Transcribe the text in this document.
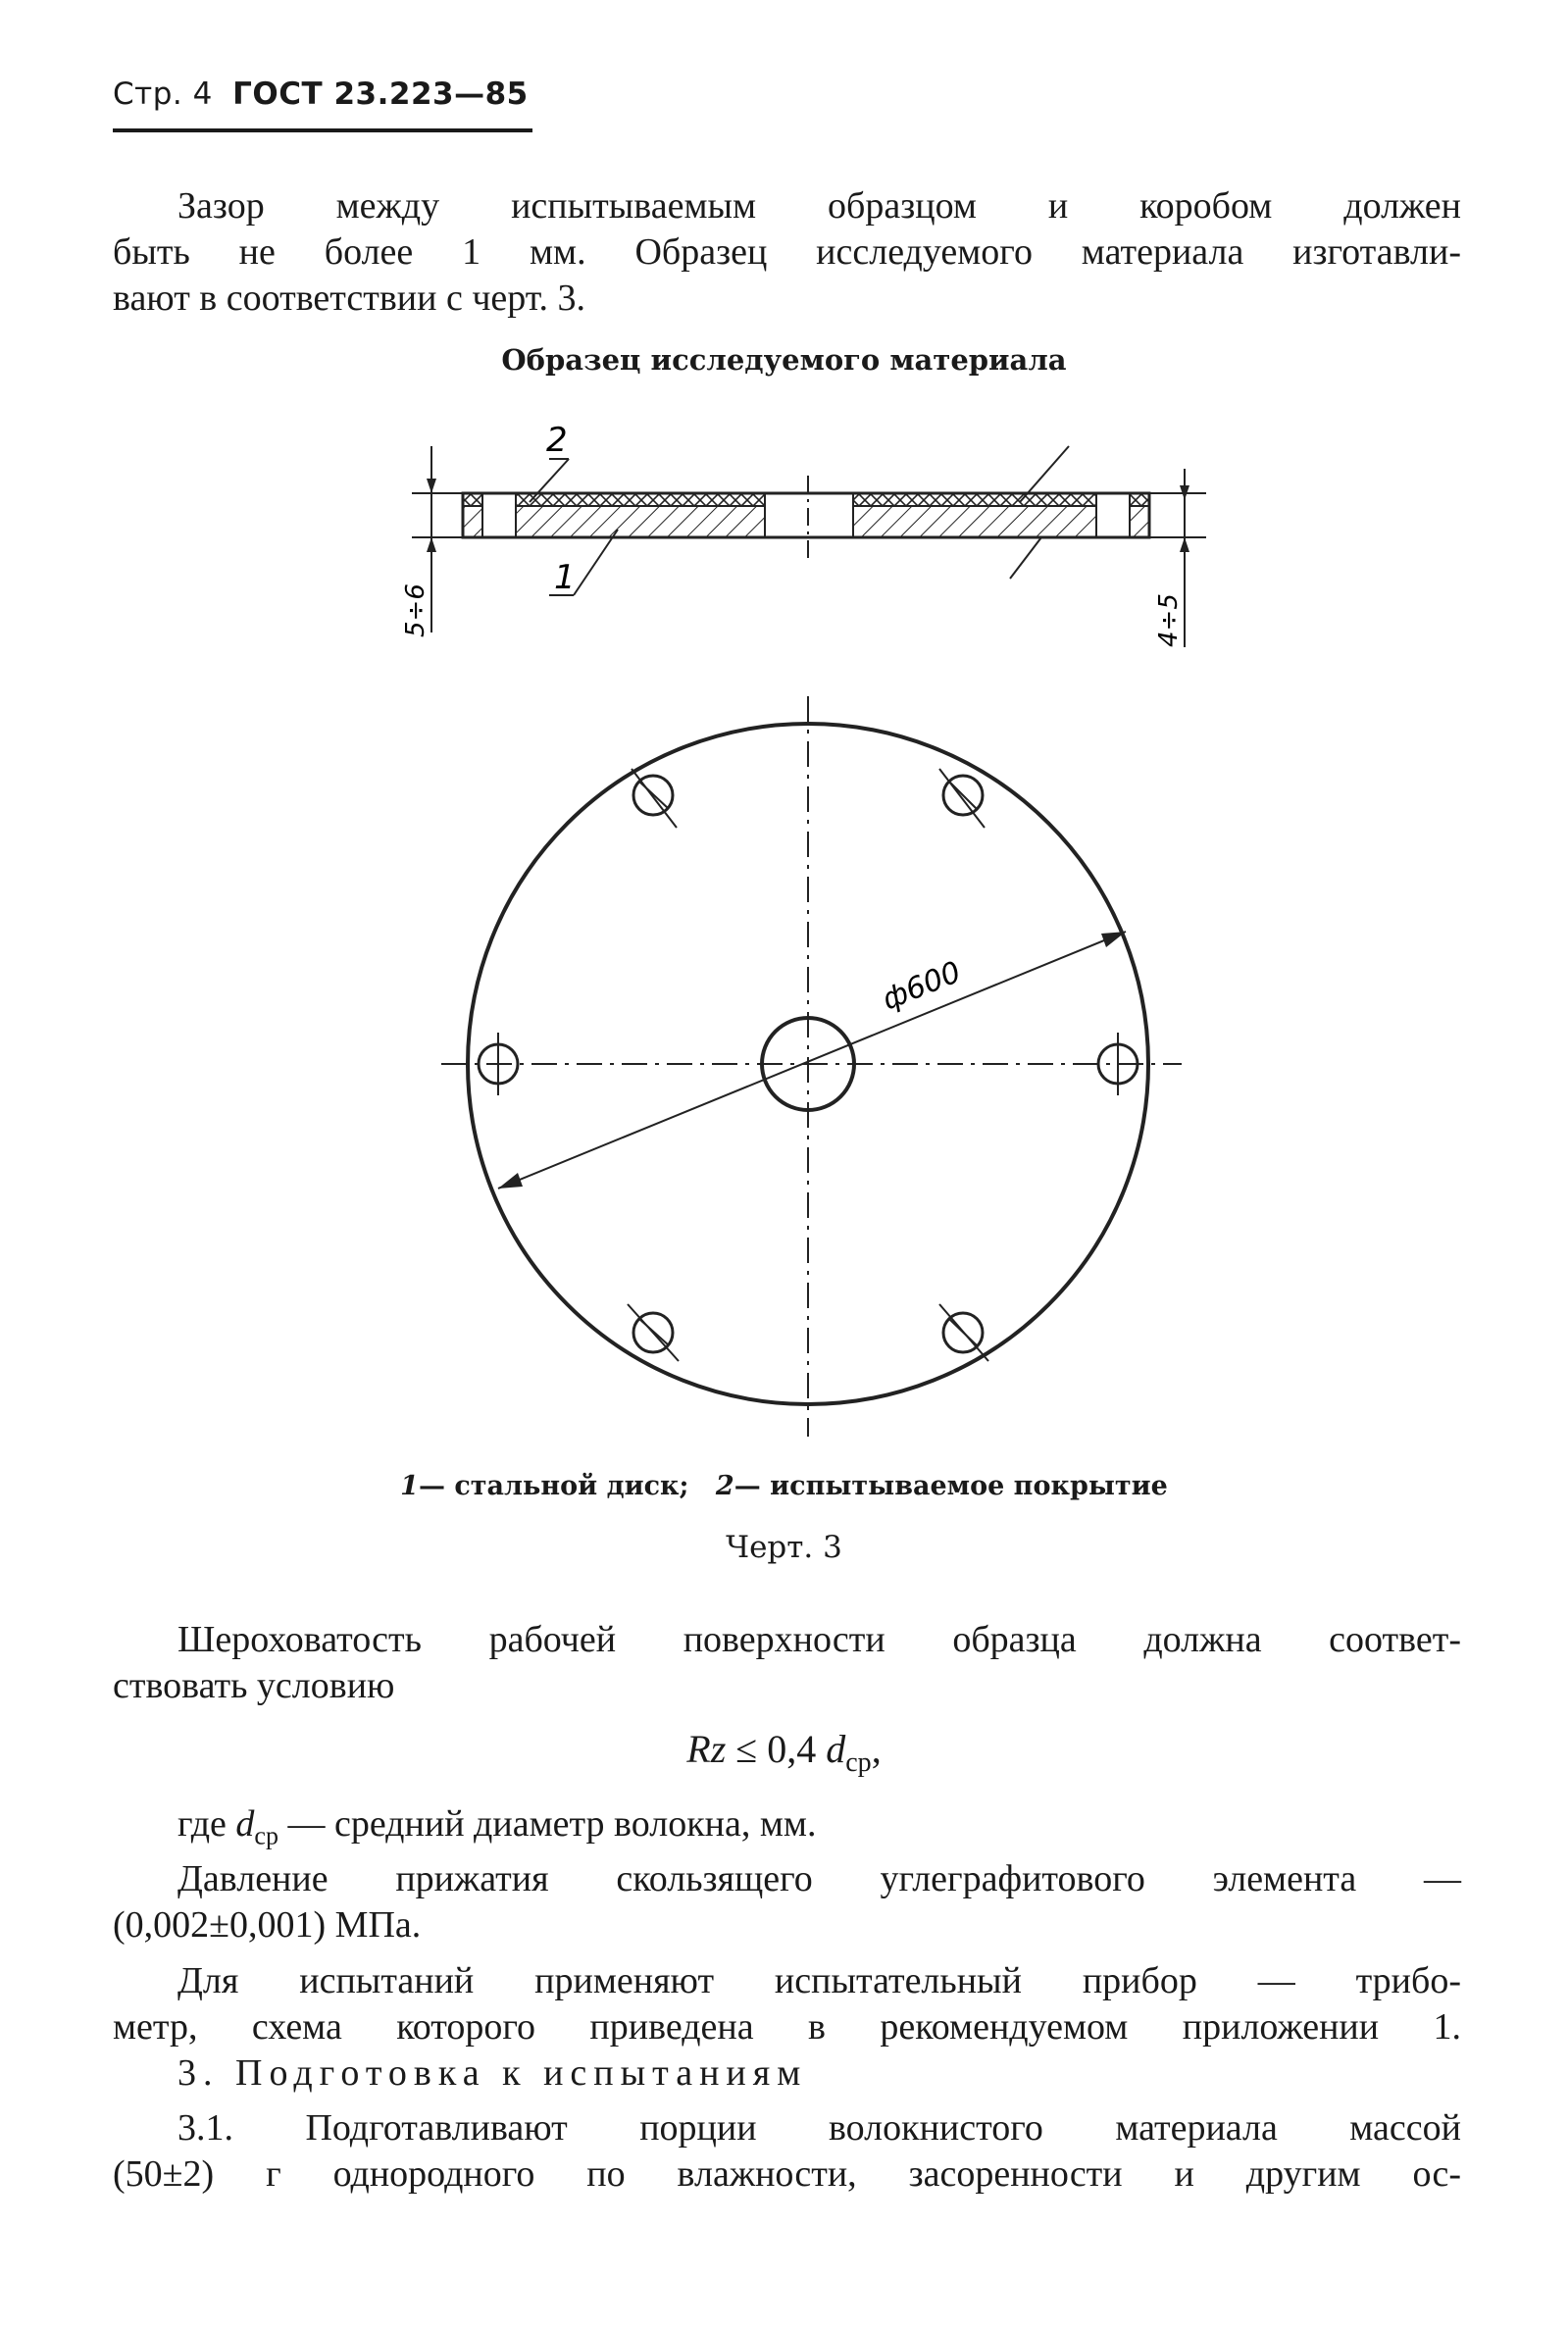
Стр. 4 ГОСТ 23.223—85
Зазор между испытываемым образцом и коробом должен
быть не более 1 мм. Образец исследуемого материала изготавли-
вают в соответствии с черт. 3.
Образец исследуемого материала
2
1
5÷6	4÷5
ф600
1— стальной диск; 2— испытываемое покрытие
Черт. 3
Шероховатость рабочей поверхности образца должна соответ-
ствовать условию
Rz ≤ 0,4 $d_{ср}$,
где $d_{ср}$ — средний диаметр волокна, мм.
Давление прижатия скользящего углеграфитового элемента —
(0,002±0,001) МПа.
Для испытаний применяют испытательный прибор — трибо-
метр, схема которого приведена в рекомендуемом приложении 1.
3. Подготовка к испытаниям
3.1. Подготавливают порции волокнистого материала массой
(50±2) г однородного по влажности, засоренности и другим ос-
